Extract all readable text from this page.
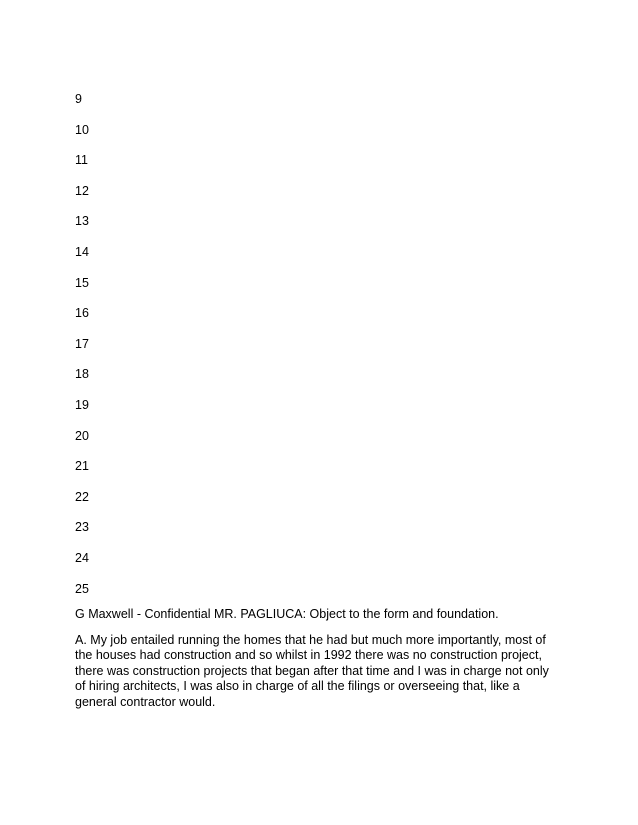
9
10
11
12
13
14
15
16
17
18
19
20
21
22
23
24
25

G Maxwell - Confidential MR. PAGLIUCA: Object to the form and foundation.

A. My job entailed running the homes that he had but much more importantly, most of the houses had construction and so whilst in 1992 there was no construction project, there was construction projects that began after that time and I was in charge not only of hiring architects, I was also in charge of all the filings or overseeing that, like a general contractor would.
